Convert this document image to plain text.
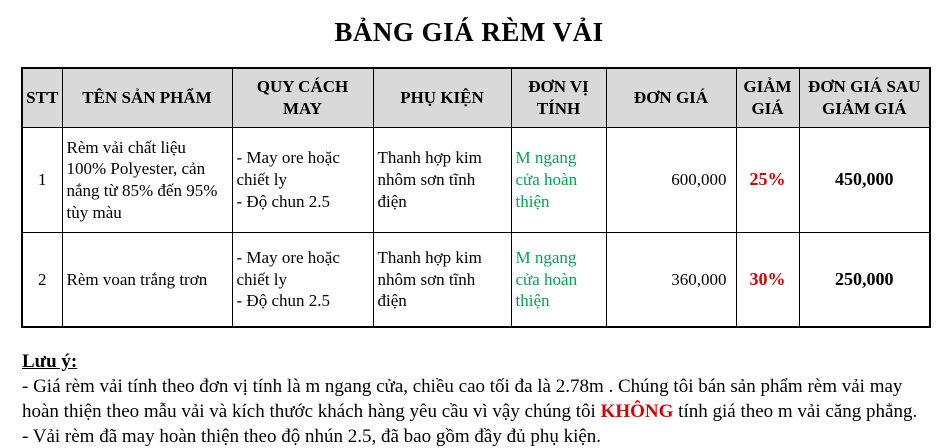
BẢNG GIÁ RÈM VẢI
STT	TÊN SẢN PHẨM	QUY CÁCH MAY	PHỤ KIỆN	ĐƠN VỊ TÍNH	ĐƠN GIÁ	GIẢM GIÁ	ĐƠN GIÁ SAU GIẢM GIÁ
1	Rèm vải chất liệu 100% Polyester, cản nắng từ 85% đến 95% tùy màu	- May ore hoặc chiết ly
- Độ chun 2.5	Thanh hợp kim nhôm sơn tĩnh điện	M ngang cửa hoàn thiện	600,000	25%	450,000
2	Rèm voan trắng trơn	- May ore hoặc chiết ly
- Độ chun 2.5	Thanh hợp kim nhôm sơn tĩnh điện	M ngang cửa hoàn thiện	360,000	30%	250,000
Lưu ý:
- Giá rèm vải tính theo đơn vị tính là m ngang cửa, chiều cao tối đa là 2.78m . Chúng tôi bán sản phẩm rèm vải may hoàn thiện theo mẫu vải và kích thước khách hàng yêu cầu vì vậy chúng tôi KHÔNG tính giá theo m vải căng phẳng.
- Vải rèm đã may hoàn thiện theo độ nhún 2.5, đã bao gồm đầy đủ phụ kiện.
